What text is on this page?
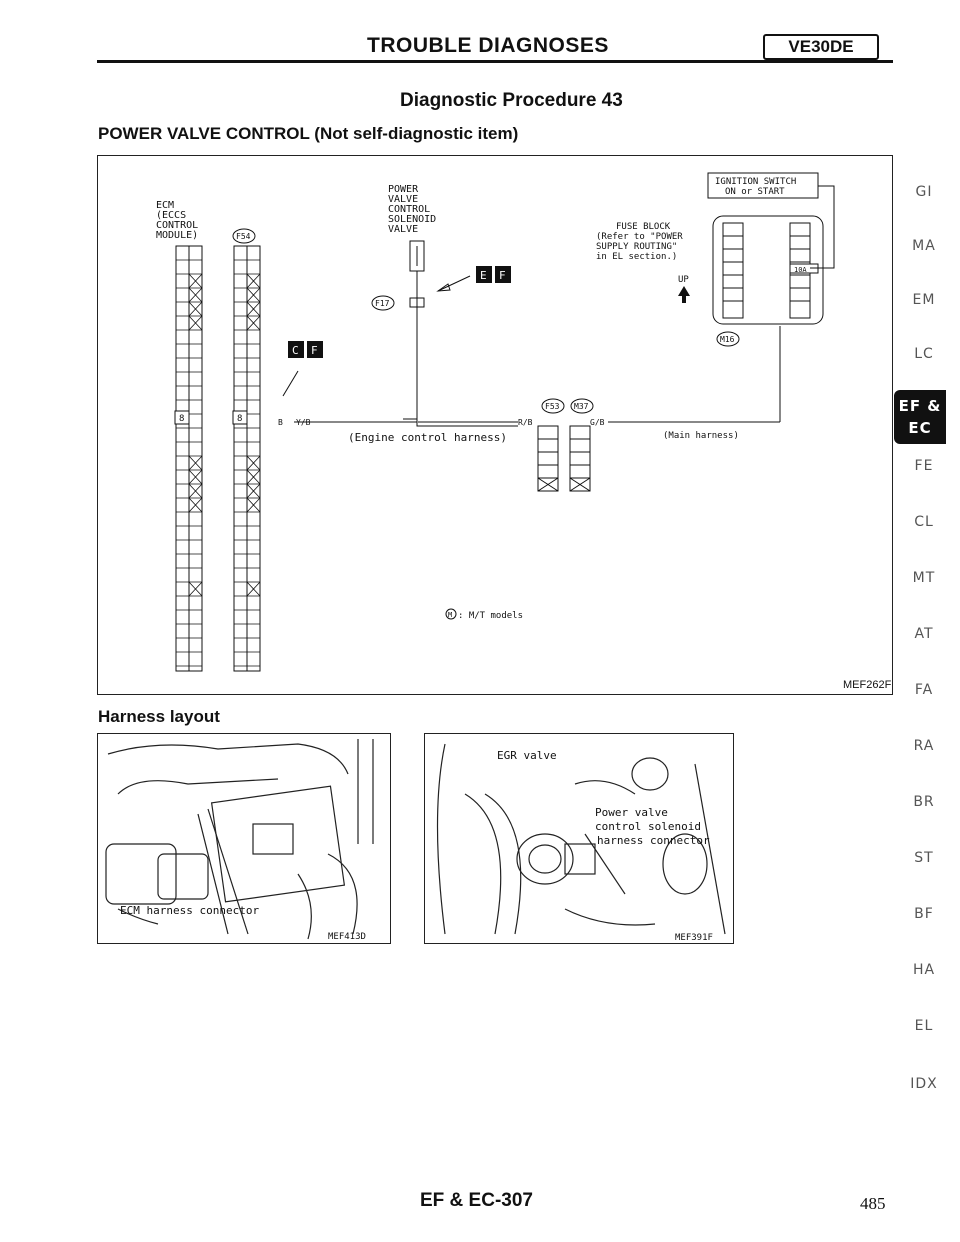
TROUBLE DIAGNOSES	VE30DE
Diagnostic Procedure 43
POWER VALVE CONTROL (Not self-diagnostic item)
ECM
(ECCS
CONTROL
MODULE)	F54
POWER
VALVE
CONTROL
SOLENOID
VALVE
IGNITION SWITCH
ON or START
FUSE BLOCK
(Refer to "POWER
SUPPLY ROUTING"
in EL section.)
UP
10A
M16
8	8
F17
E F
C F
B Y/B	R/B	G/B
F53 M37
(Engine control harness)	(Main harness)
M : M/T models
MEF262F
Harness layout
ECM harness connector
MEF413D
EGR valve
Power valve
control solenoid
harness connector
MEF391F
GI
MA
EM
LC
EF &
EC
FE
CL
MT
AT
FA
RA
BR
ST
BF
HA
EL
IDX
EF & EC-307	485
